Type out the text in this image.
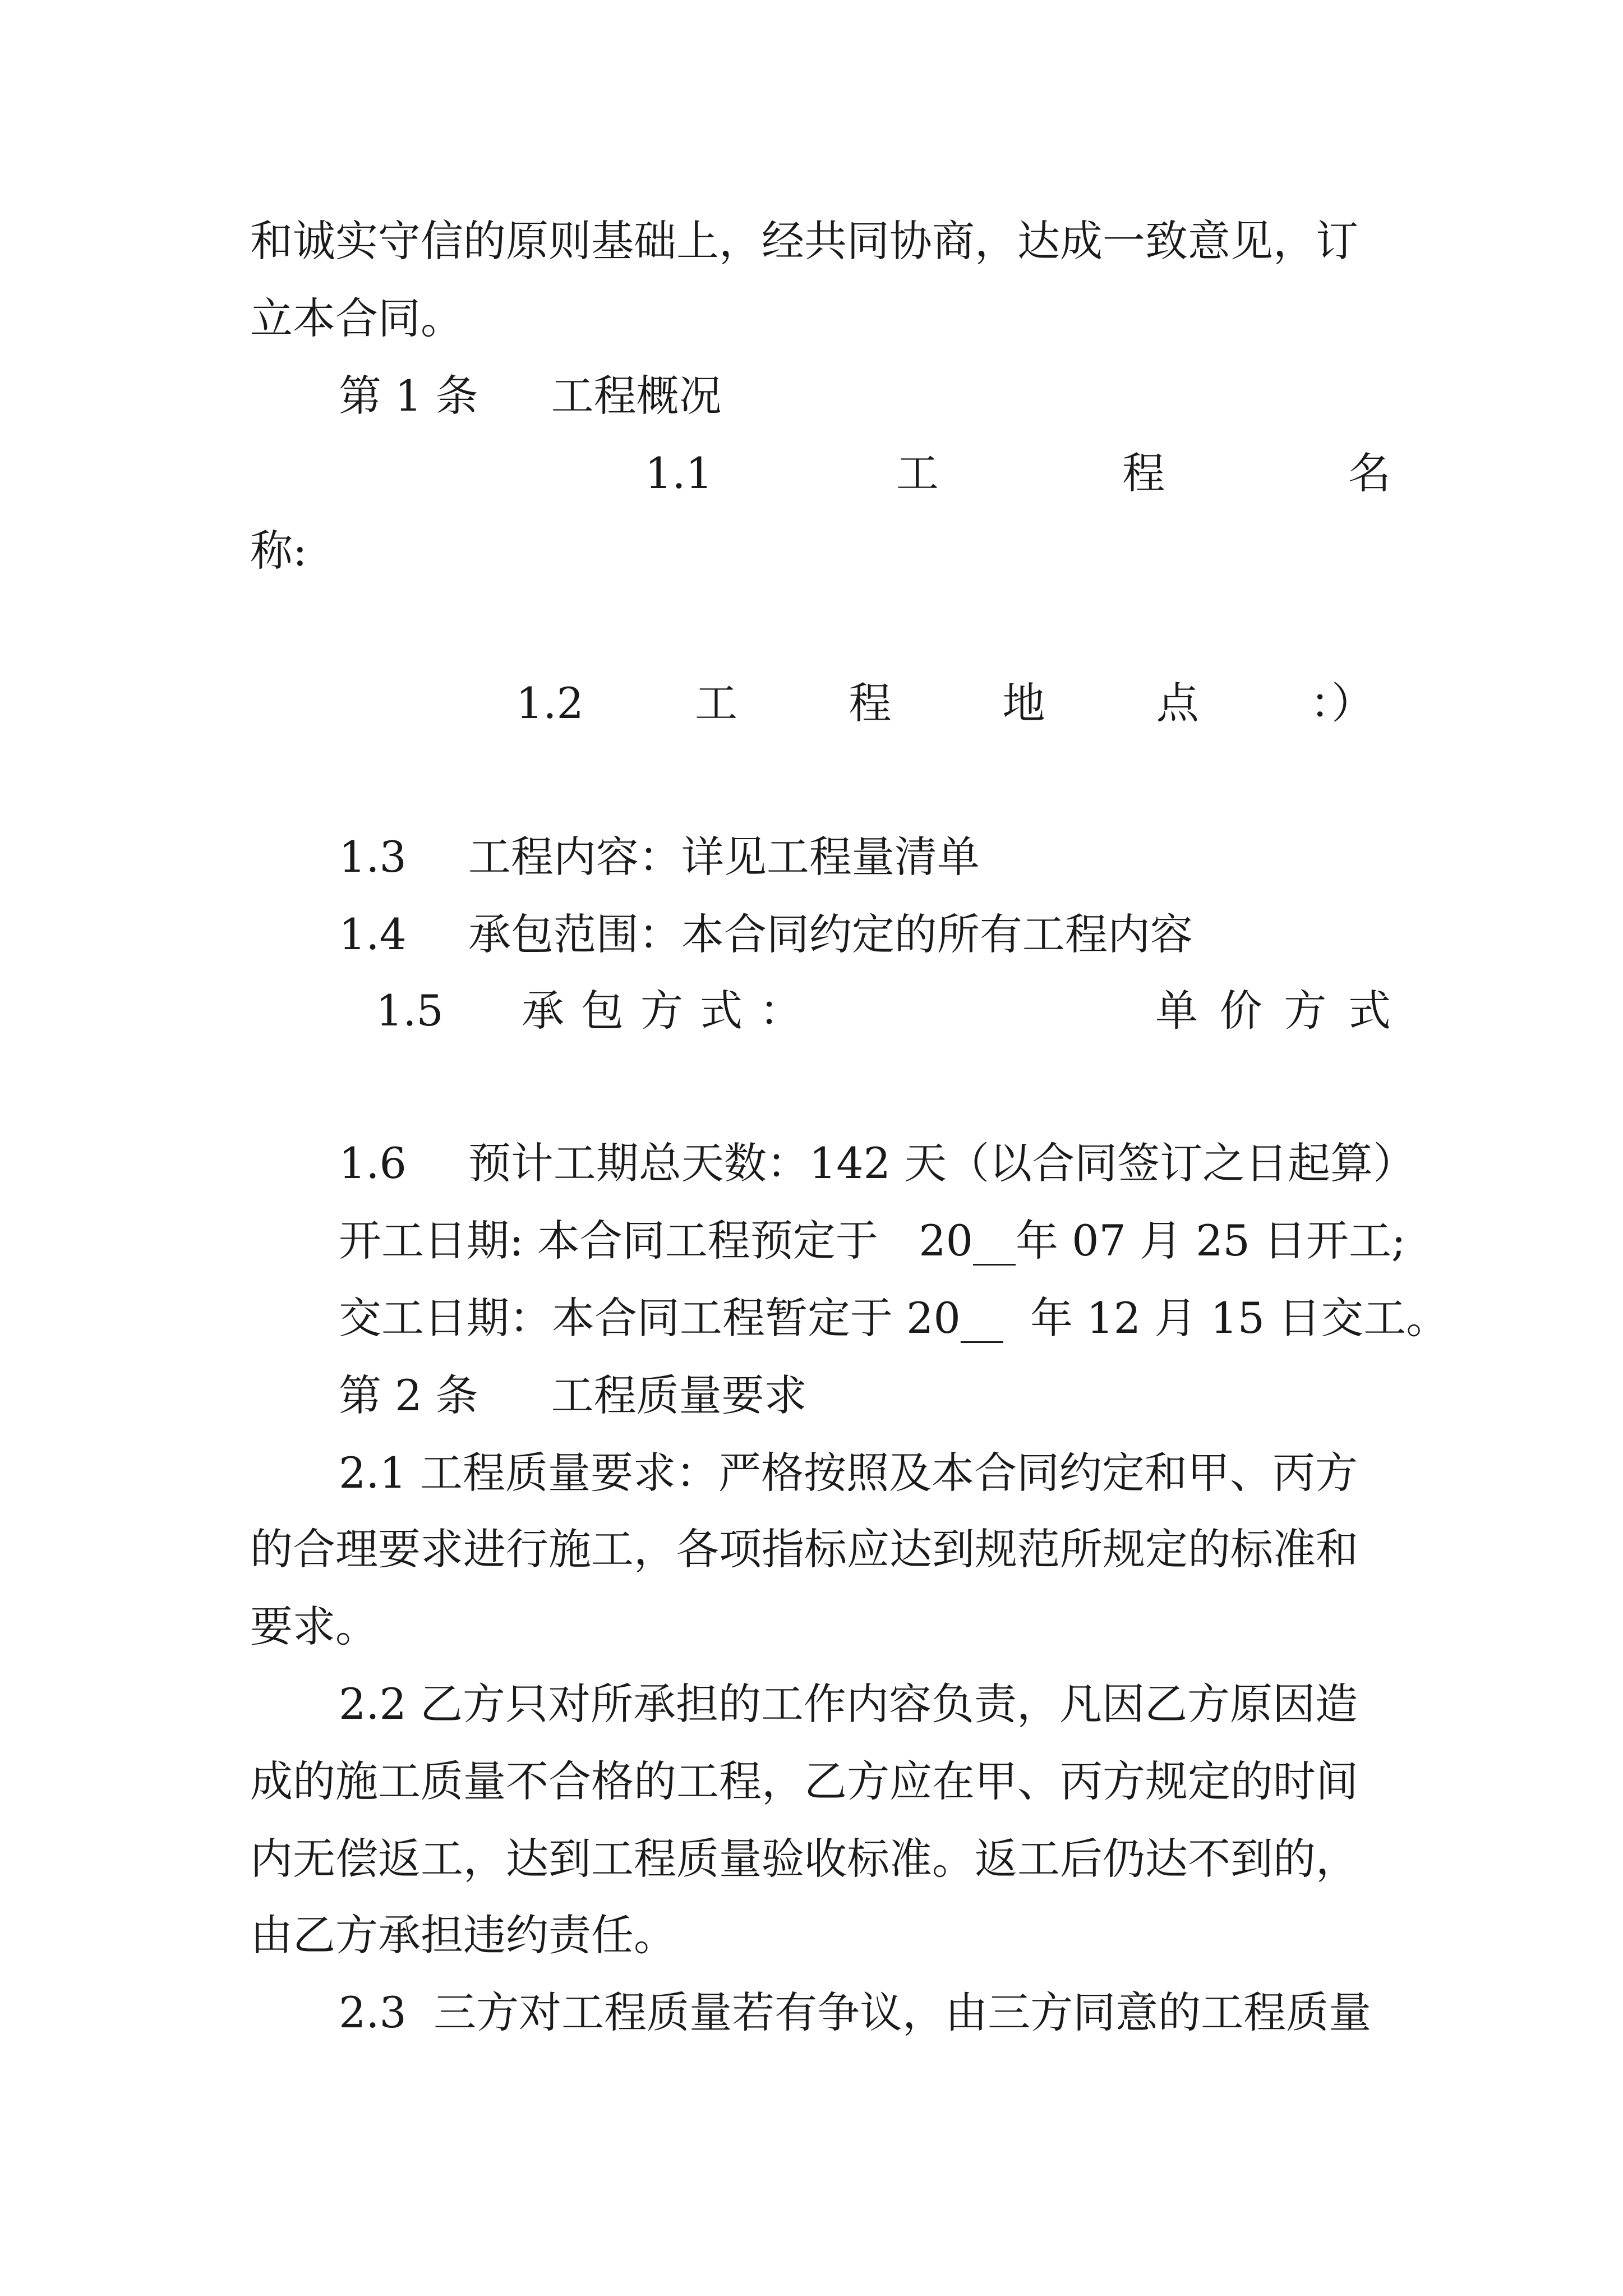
和诚实守信的原则基础上，经共同协商，达成一致意见，订
立本合同。
第 1 条 工程概况
1.1	工	程	名
称:
1.2	工	程	地	点	：）
1.3 工程内容：详见工程量清单
1.4 承包范围：本合同约定的所有工程内容
1.5 承 包 方 式 ：	单 价 方 式
1.6 预计工期总天数：142 天（以合同签订之日起算）
开工日期: 本合同工程预定于   20__年 07 月 25 日开工;
交工日期：本合同工程暂定于 20__  年 12 月 15 日交工。
第 2 条 工程质量要求
2.1 工程质量要求：严格按照及本合同约定和甲、丙方
的合理要求进行施工，各项指标应达到规范所规定的标准和
要求。
2.2 乙方只对所承担的工作内容负责，凡因乙方原因造
成的施工质量不合格的工程，乙方应在甲、丙方规定的时间
内无偿返工，达到工程质量验收标准。返工后仍达不到的，
由乙方承担违约责任。
2.3  三方对工程质量若有争议，由三方同意的工程质量
